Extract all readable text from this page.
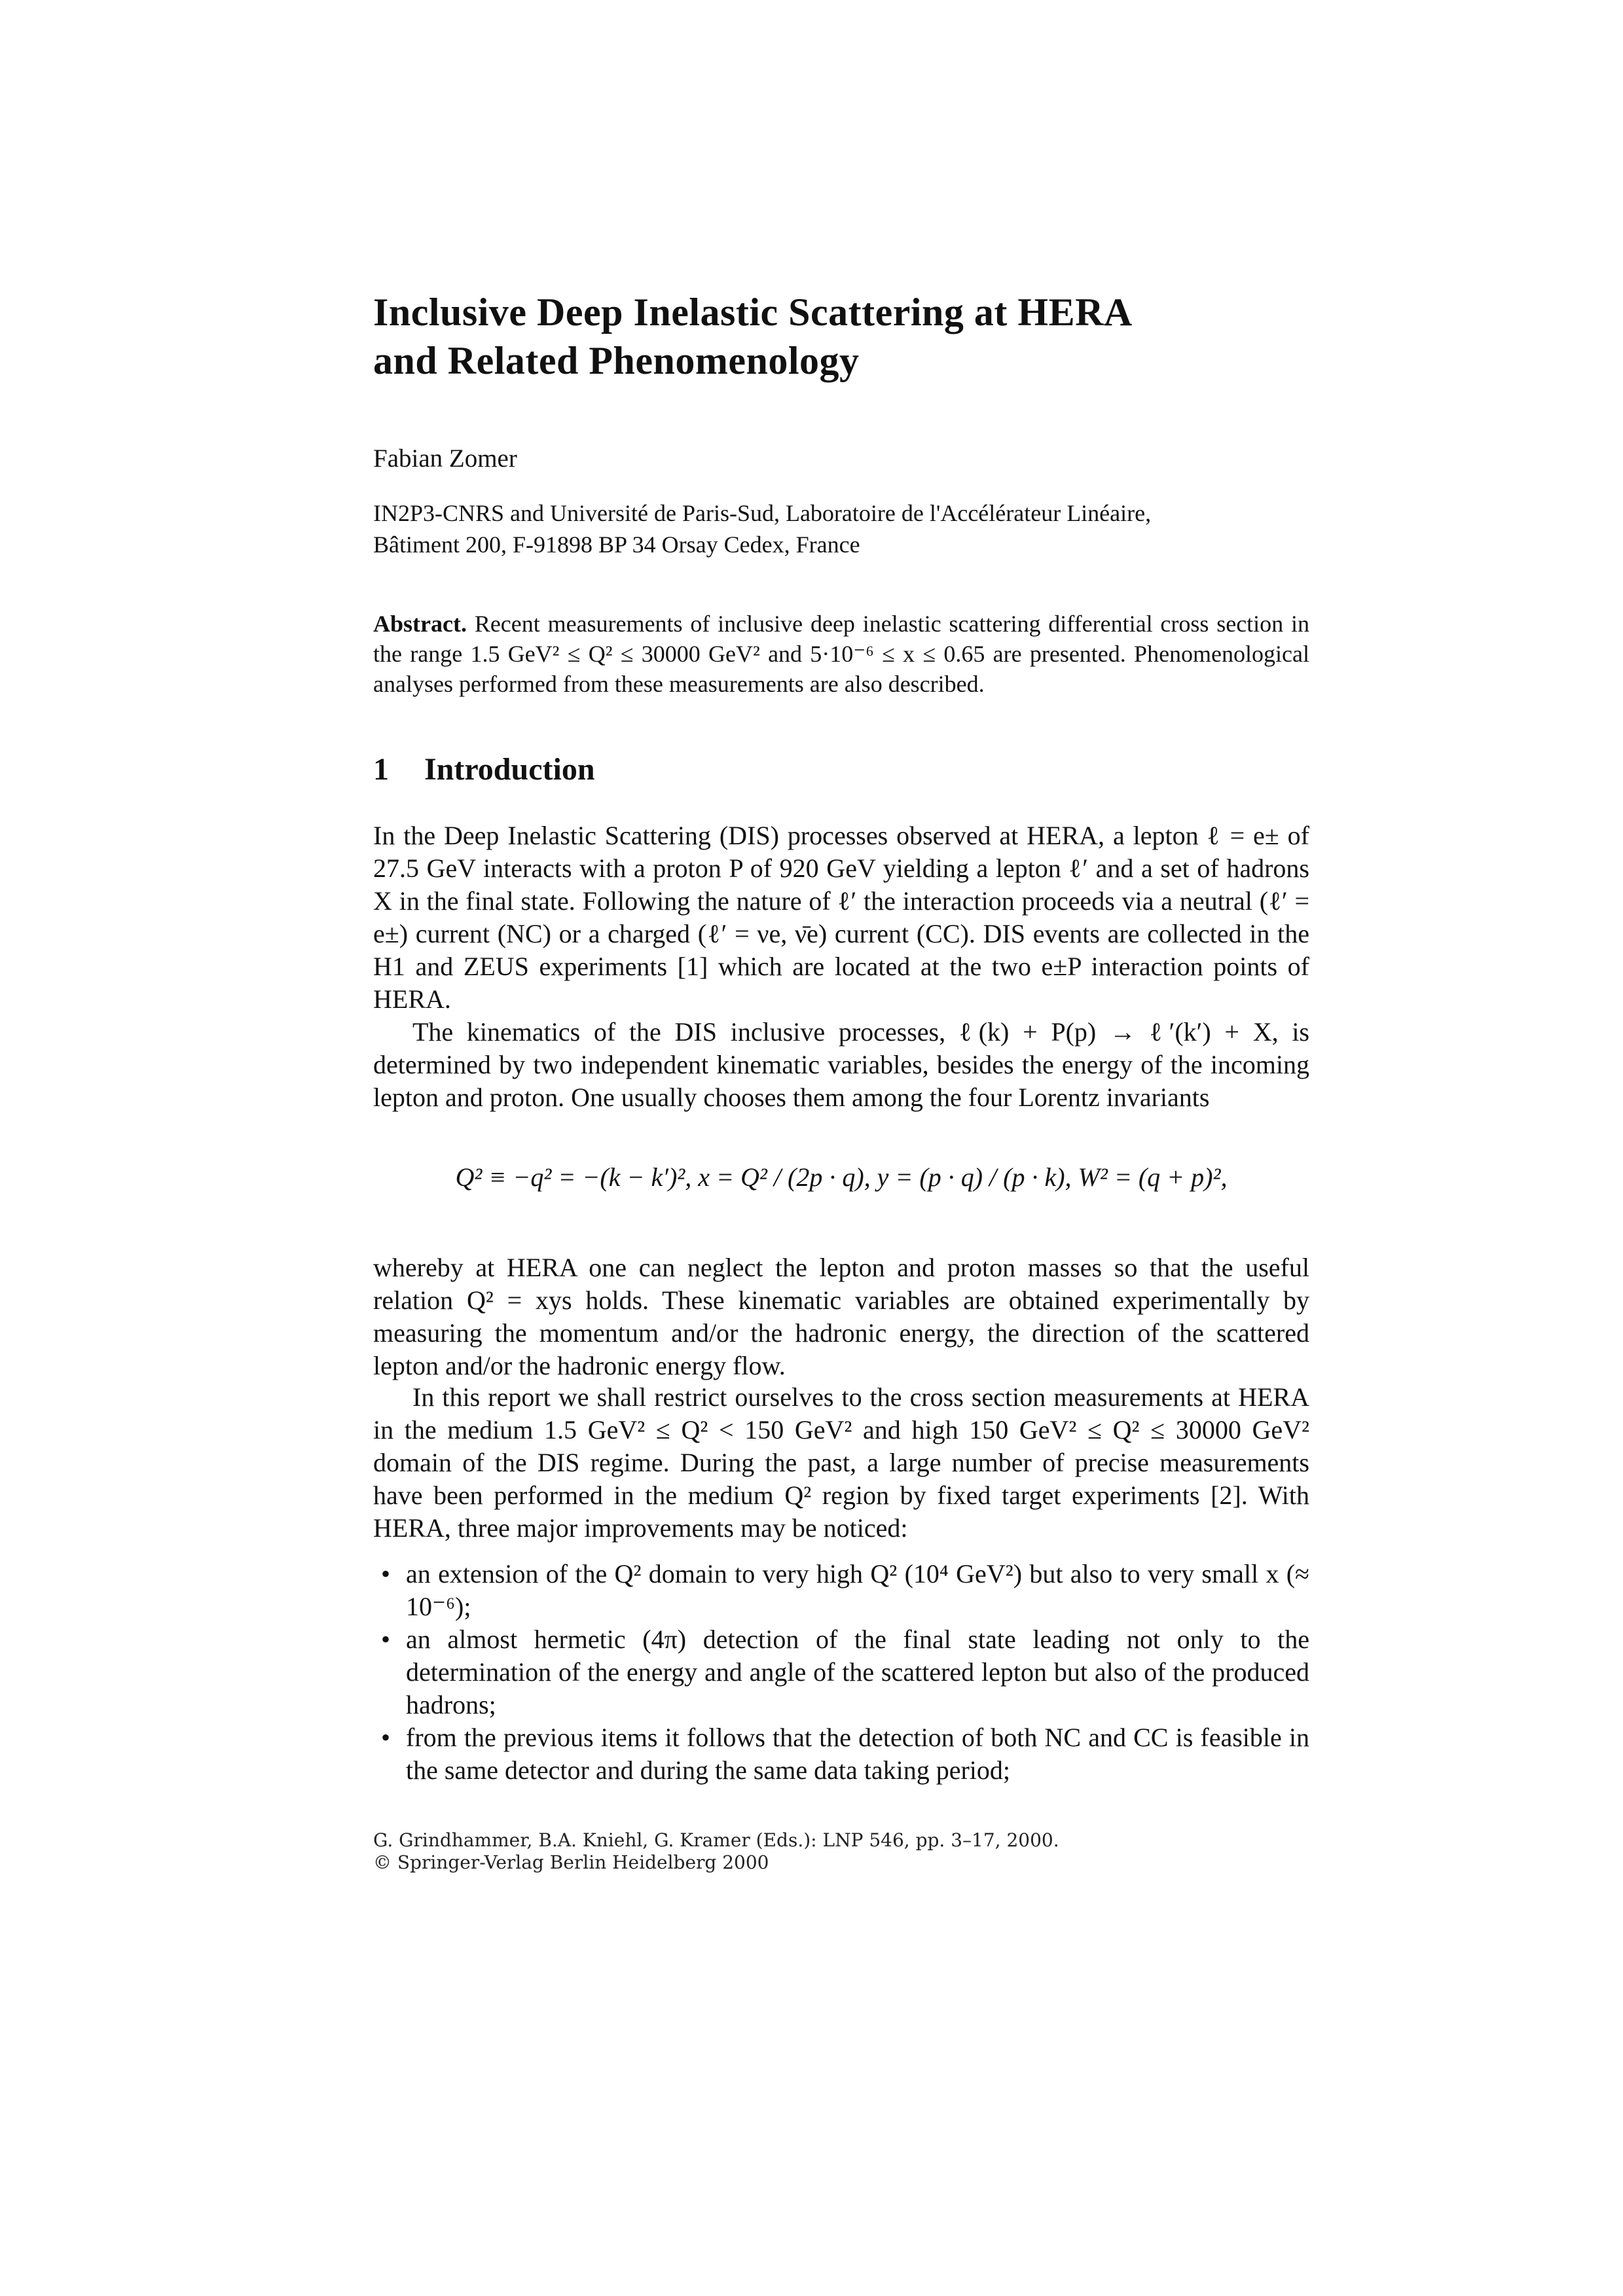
Inclusive Deep Inelastic Scattering at HERA
and Related Phenomenology
Fabian Zomer
IN2P3-CNRS and Université de Paris-Sud, Laboratoire de l'Accélérateur Linéaire,
Bâtiment 200, F-91898 BP 34 Orsay Cedex, France
Abstract. Recent measurements of inclusive deep inelastic scattering differential cross section in the range 1.5 GeV² ≤ Q² ≤ 30000 GeV² and 5·10⁻⁶ ≤ x ≤ 0.65 are presented. Phenomenological analyses performed from these measurements are also described.
1 Introduction
In the Deep Inelastic Scattering (DIS) processes observed at HERA, a lepton ℓ = e± of 27.5 GeV interacts with a proton P of 920 GeV yielding a lepton ℓ′ and a set of hadrons X in the final state. Following the nature of ℓ′ the interaction proceeds via a neutral (ℓ′ = e±) current (NC) or a charged (ℓ′ = νe, ν̄e) current (CC). DIS events are collected in the H1 and ZEUS experiments [1] which are located at the two e±P interaction points of HERA.
The kinematics of the DIS inclusive processes, ℓ(k) + P(p) → ℓ′(k′) + X, is determined by two independent kinematic variables, besides the energy of the incoming lepton and proton. One usually chooses them among the four Lorentz invariants
Q² ≡ −q² = −(k − k′)², x = Q² / (2p · q), y = (p · q) / (p · k), W² = (q + p)²,
whereby at HERA one can neglect the lepton and proton masses so that the useful relation Q² = xys holds. These kinematic variables are obtained experimentally by measuring the momentum and/or the hadronic energy, the direction of the scattered lepton and/or the hadronic energy flow.
In this report we shall restrict ourselves to the cross section measurements at HERA in the medium 1.5 GeV² ≤ Q² < 150 GeV² and high 150 GeV² ≤ Q² ≤ 30000 GeV² domain of the DIS regime. During the past, a large number of precise measurements have been performed in the medium Q² region by fixed target experiments [2]. With HERA, three major improvements may be noticed:
• an extension of the Q² domain to very high Q² (10⁴ GeV²) but also to very small x (≈ 10⁻⁶);
• an almost hermetic (4π) detection of the final state leading not only to the determination of the energy and angle of the scattered lepton but also of the produced hadrons;
• from the previous items it follows that the detection of both NC and CC is feasible in the same detector and during the same data taking period;
G. Grindhammer, B.A. Kniehl, G. Kramer (Eds.): LNP 546, pp. 3–17, 2000.
© Springer-Verlag Berlin Heidelberg 2000
